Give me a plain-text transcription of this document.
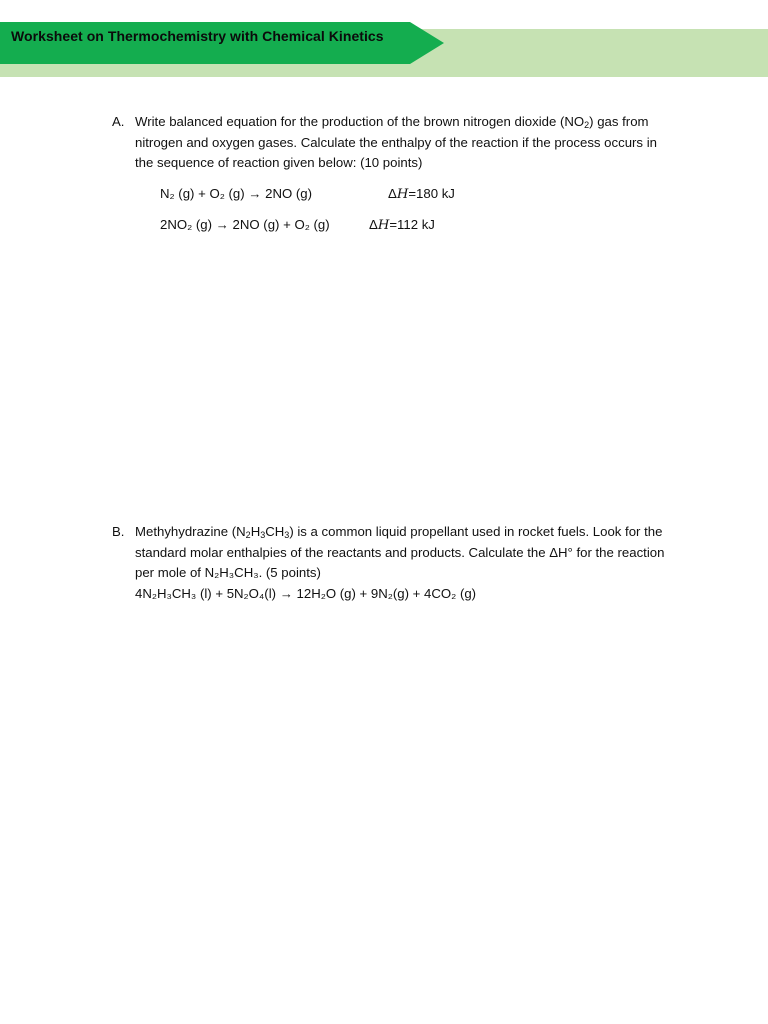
Worksheet on Thermochemistry with Chemical Kinetics
A. Write balanced equation for the production of the brown nitrogen dioxide $(NO_2)$ gas from nitrogen and oxygen gases. Calculate the enthalpy of the reaction if the process occurs in the sequence of reaction given below: (10 points)
N₂ (g) + O₂ (g) → 2NO (g)	ΔH=180 kJ
2NO₂ (g) → 2NO (g) + O₂ (g)	ΔH=112 kJ
B. Methyhydrazine $(N_2H_3CH_3)$ is a common liquid propellant used in rocket fuels. Look for the standard molar enthalpies of the reactants and products. Calculate the ΔH° for the reaction per mole of N₂H₃CH₃. (5 points)
4N₂H₃CH₃ (l) + 5N₂O₄(l) → 12H₂O (g) + 9N₂(g) + 4CO₂ (g)
